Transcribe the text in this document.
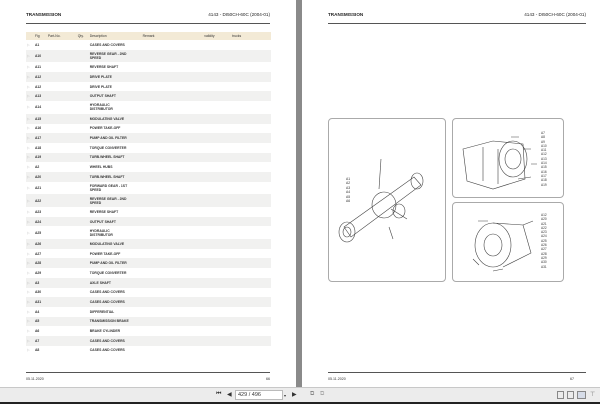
TRANSMISSION	4143 - DI50CH-60C (2004-01)
	Fig	Part-No.	Qty.	Description	Remark	validity	trucks
▷	A1			CASES AND COVERS			
▷	A10			REVERSE GEAR - 2ND SPEED			
▷	A11			REVERSE SHAFT			
▷	A12			DRIVE PLATE			
▷	A12			DRIVE PLATE			
▷	A13			OUTPUT SHAFT			
▷	A14			HYDRAULIC DISTRIBUTOR			
▷	A15			MODULATING VALVE			
▷	A16			POWER TAKE-OFF			
▷	A17			PUMP AND OIL FILTER			
▷	A18			TORQUE CONVERTER			
▷	A19			TURB.WHEEL SHAFT			
▷	A2			WHEEL HUBS			
▷	A20			TURB.WHEEL SHAFT			
▷	A21			FORWARD GEAR - 1ST SPEED			
▷	A22			REVERSE GEAR - 2ND SPEED			
▷	A23			REVERSE SHAFT			
▷	A24			OUTPUT SHAFT			
▷	A25			HYDRAULIC DISTRIBUTOR			
▷	A26			MODULATING VALVE			
▷	A27			POWER TAKE-OFF			
▷	A28			PUMP AND OIL FILTER			
▷	A29			TORQUE CONVERTER			
▷	A3			AXLE SHAFT			
▷	A30			CASES AND COVERS			
▷	A31			CASES AND COVERS			
▷	A4			DIFFERENTIAL			
▷	A5			TRANSMISSION BRAKE			
▷	A6			BRAKE CYLINDER			
▷	A7			CASES AND COVERS			
▷	A8			CASES AND COVERS			
05.11.2020	66
TRANSMISSION	4143 - DI50CH-60C (2004-01)
A1
A2
A3
A4
A5
A6
A7
A8
A9
A10
A11
A12
A13
A14
A15
A16
A17
A18
A19
A12
A20
A21
A22
A23
A24
A25
A26
A27
A28
A29
A30
A31
05.11.2020	67
⏮ ◀	429 / 496	▾ ▶ ⧉ ⧉	⊤
